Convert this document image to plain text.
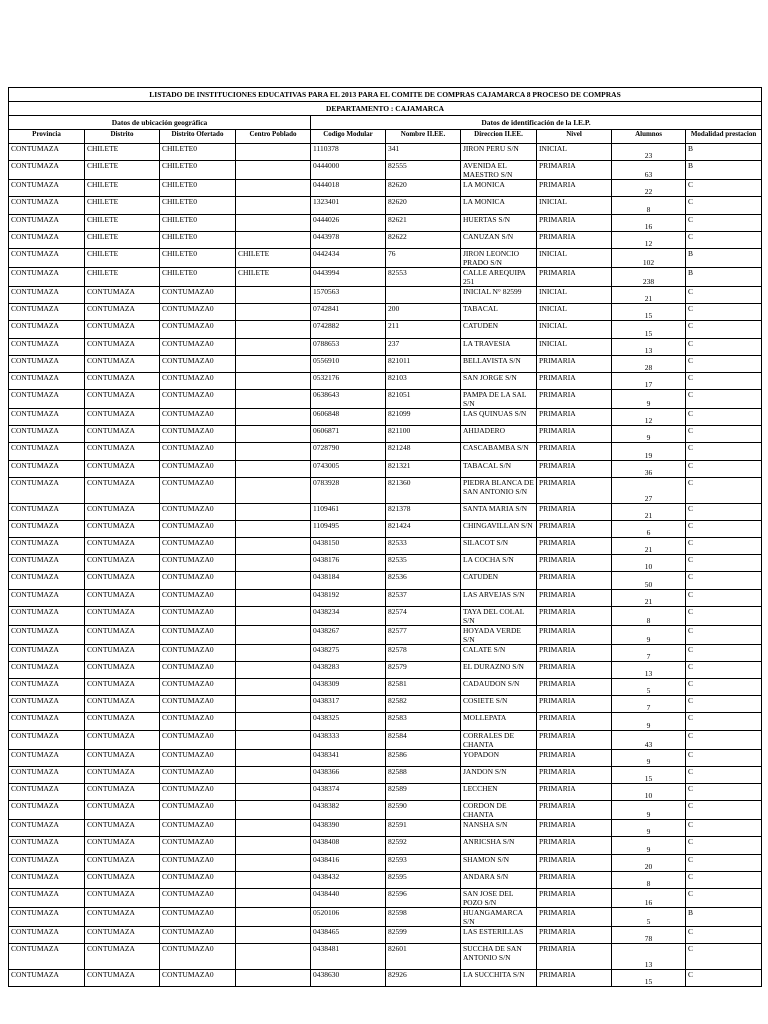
LISTADO DE INSTITUCIONES EDUCATIVAS PARA EL 2013 PARA EL COMITE DE COMPRAS CAJAMARCA 8 PROCESO DE COMPRAS									
DEPARTAMENTO : CAJAMARCA									
Datos de ubicación geográfica				Datos de identificación de la I.E.P.					
Provincia	Distrito	Distrito Ofertado	Centro Poblado	Codigo Modular	Nombre II.EE.	Direccion II.EE.	Nivel	Alumnos	Modalidad prestacion
CONTUMAZA	CHILETE	CHILETE0		1110378	341	JIRON PERU S/N	INICIAL	23	B
CONTUMAZA	CHILETE	CHILETE0		0444000	82555	AVENIDA EL MAESTRO S/N	PRIMARIA	63	B
CONTUMAZA	CHILETE	CHILETE0		0444018	82620	LA MONICA	PRIMARIA	22	C
CONTUMAZA	CHILETE	CHILETE0		1323401	82620	LA MONICA	INICIAL	8	C
CONTUMAZA	CHILETE	CHILETE0		0444026	82621	HUERTAS S/N	PRIMARIA	16	C
CONTUMAZA	CHILETE	CHILETE0		0443978	82622	CANUZAN S/N	PRIMARIA	12	C
CONTUMAZA	CHILETE	CHILETE0	CHILETE	0442434	76	JIRON LEONCIO PRADO S/N	INICIAL	102	B
CONTUMAZA	CHILETE	CHILETE0	CHILETE	0443994	82553	CALLE AREQUIPA 251	PRIMARIA	238	B
CONTUMAZA	CONTUMAZA	CONTUMAZA0		1570563		INICIAL N° 82599	INICIAL	21	C
CONTUMAZA	CONTUMAZA	CONTUMAZA0		0742841	200	TABACAL	INICIAL	15	C
CONTUMAZA	CONTUMAZA	CONTUMAZA0		0742882	211	CATUDEN	INICIAL	15	C
CONTUMAZA	CONTUMAZA	CONTUMAZA0		0788653	237	LA TRAVESIA	INICIAL	13	C
CONTUMAZA	CONTUMAZA	CONTUMAZA0		0556910	821011	BELLAVISTA S/N	PRIMARIA	28	C
CONTUMAZA	CONTUMAZA	CONTUMAZA0		0532176	82103	SAN JORGE S/N	PRIMARIA	17	C
CONTUMAZA	CONTUMAZA	CONTUMAZA0		0638643	821051	PAMPA DE LA SAL S/N	PRIMARIA	9	C
CONTUMAZA	CONTUMAZA	CONTUMAZA0		0606848	821099	LAS QUINUAS S/N	PRIMARIA	12	C
CONTUMAZA	CONTUMAZA	CONTUMAZA0		0606871	821100	AHIJADERO	PRIMARIA	9	C
CONTUMAZA	CONTUMAZA	CONTUMAZA0		0728790	821248	CASCABAMBA S/N	PRIMARIA	19	C
CONTUMAZA	CONTUMAZA	CONTUMAZA0		0743005	821321	TABACAL S/N	PRIMARIA	36	C
CONTUMAZA	CONTUMAZA	CONTUMAZA0		0783928	821360	PIEDRA BLANCA DE SAN ANTONIO S/N	PRIMARIA	27	C
CONTUMAZA	CONTUMAZA	CONTUMAZA0		1109461	821378	SANTA MARIA S/N	PRIMARIA	21	C
CONTUMAZA	CONTUMAZA	CONTUMAZA0		1109495	821424	CHINGAVILLAN S/N	PRIMARIA	6	C
CONTUMAZA	CONTUMAZA	CONTUMAZA0		0438150	82533	SILACOT S/N	PRIMARIA	21	C
CONTUMAZA	CONTUMAZA	CONTUMAZA0		0438176	82535	LA COCHA S/N	PRIMARIA	10	C
CONTUMAZA	CONTUMAZA	CONTUMAZA0		0438184	82536	CATUDEN	PRIMARIA	50	C
CONTUMAZA	CONTUMAZA	CONTUMAZA0		0438192	82537	LAS ARVEJAS S/N	PRIMARIA	21	C
CONTUMAZA	CONTUMAZA	CONTUMAZA0		0438234	82574	TAYA DEL COLAL S/N	PRIMARIA	8	C
CONTUMAZA	CONTUMAZA	CONTUMAZA0		0438267	82577	HOYADA VERDE S/N	PRIMARIA	9	C
CONTUMAZA	CONTUMAZA	CONTUMAZA0		0438275	82578	CALATE S/N	PRIMARIA	7	C
CONTUMAZA	CONTUMAZA	CONTUMAZA0		0438283	82579	EL DURAZNO S/N	PRIMARIA	13	C
CONTUMAZA	CONTUMAZA	CONTUMAZA0		0438309	82581	CADAUDON S/N	PRIMARIA	5	C
CONTUMAZA	CONTUMAZA	CONTUMAZA0		0438317	82582	COSIETE S/N	PRIMARIA	7	C
CONTUMAZA	CONTUMAZA	CONTUMAZA0		0438325	82583	MOLLEPATA	PRIMARIA	9	C
CONTUMAZA	CONTUMAZA	CONTUMAZA0		0438333	82584	CORRALES DE CHANTA	PRIMARIA	43	C
CONTUMAZA	CONTUMAZA	CONTUMAZA0		0438341	82586	YOPADON	PRIMARIA	9	C
CONTUMAZA	CONTUMAZA	CONTUMAZA0		0438366	82588	JANDON S/N	PRIMARIA	15	C
CONTUMAZA	CONTUMAZA	CONTUMAZA0		0438374	82589	LECCHEN	PRIMARIA	10	C
CONTUMAZA	CONTUMAZA	CONTUMAZA0		0438382	82590	CORDON DE CHANTA	PRIMARIA	9	C
CONTUMAZA	CONTUMAZA	CONTUMAZA0		0438390	82591	NANSHA S/N	PRIMARIA	9	C
CONTUMAZA	CONTUMAZA	CONTUMAZA0		0438408	82592	ANRICSHA S/N	PRIMARIA	9	C
CONTUMAZA	CONTUMAZA	CONTUMAZA0		0438416	82593	SHAMON S/N	PRIMARIA	20	C
CONTUMAZA	CONTUMAZA	CONTUMAZA0		0438432	82595	ANDARA S/N	PRIMARIA	8	C
CONTUMAZA	CONTUMAZA	CONTUMAZA0		0438440	82596	SAN JOSE DEL POZO S/N	PRIMARIA	16	C
CONTUMAZA	CONTUMAZA	CONTUMAZA0		0520106	82598	HUANGAMARCA S/N	PRIMARIA	5	B
CONTUMAZA	CONTUMAZA	CONTUMAZA0		0438465	82599	LAS ESTERILLAS	PRIMARIA	78	C
CONTUMAZA	CONTUMAZA	CONTUMAZA0		0438481	82601	SUCCHA DE SAN ANTONIO S/N	PRIMARIA	13	C
CONTUMAZA	CONTUMAZA	CONTUMAZA0		0438630	82926	LA SUCCHITA S/N	PRIMARIA	15	C
